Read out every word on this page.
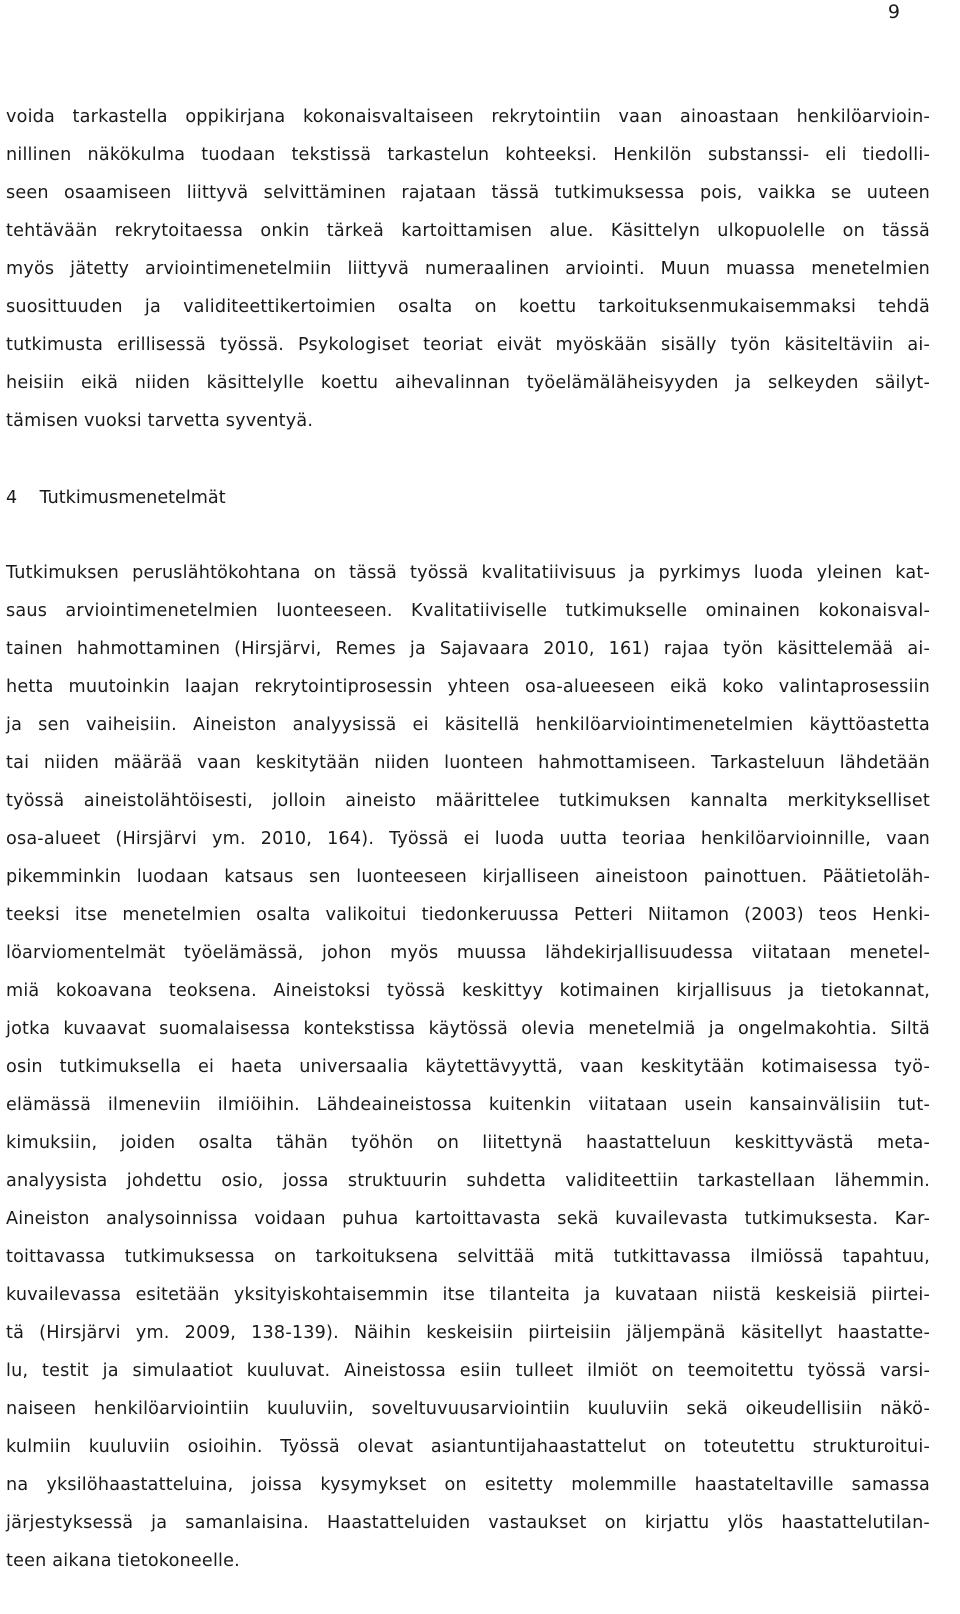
9
voida tarkastella oppikirjana kokonaisvaltaiseen rekrytointiin vaan ainoastaan henkilöarvioin-
nillinen näkökulma tuodaan tekstissä tarkastelun kohteeksi. Henkilön substanssi- eli tiedolli-
seen osaamiseen liittyvä selvittäminen rajataan tässä tutkimuksessa pois, vaikka se uuteen
tehtävään rekrytoitaessa onkin tärkeä kartoittamisen alue. Käsittelyn ulkopuolelle on tässä
myös jätetty arviointimenetelmiin liittyvä numeraalinen arviointi. Muun muassa menetelmien
suosittuuden ja validiteettikertoimien osalta on koettu tarkoituksenmukaisemmaksi tehdä
tutkimusta erillisessä työssä. Psykologiset teoriat eivät myöskään sisälly työn käsiteltäviin ai-
heisiin eikä niiden käsittelylle koettu aihevalinnan työelämäläheisyyden ja selkeyden säilyt-
tämisen vuoksi tarvetta syventyä.
4    Tutkimusmenetelmät
Tutkimuksen peruslähtökohtana on tässä työssä kvalitatiivisuus ja pyrkimys luoda yleinen kat-
saus arviointimenetelmien luonteeseen. Kvalitatiiviselle tutkimukselle ominainen kokonaisval-
tainen hahmottaminen (Hirsjärvi, Remes ja Sajavaara 2010, 161) rajaa työn käsittelemää ai-
hetta muutoinkin laajan rekrytointiprosessin yhteen osa-alueeseen eikä koko valintaprosessiin
ja sen vaiheisiin. Aineiston analyysissä ei käsitellä henkilöarviointimenetelmien käyttöastetta
tai niiden määrää vaan keskitytään niiden luonteen hahmottamiseen. Tarkasteluun lähdetään
työssä aineistolähtöisesti, jolloin aineisto määrittelee tutkimuksen kannalta merkitykselliset
osa-alueet (Hirsjärvi ym. 2010, 164). Työssä ei luoda uutta teoriaa henkilöarvioinnille, vaan
pikemminkin luodaan katsaus sen luonteeseen kirjalliseen aineistoon painottuen. Päätietoläh-
teeksi itse menetelmien osalta valikoitui tiedonkeruussa Petteri Niitamon (2003) teos Henki-
löarviomentelmät työelämässä, johon myös muussa lähdekirjallisuudessa viitataan menetel-
miä kokoavana teoksena. Aineistoksi työssä keskittyy kotimainen kirjallisuus ja tietokannat,
jotka kuvaavat suomalaisessa kontekstissa käytössä olevia menetelmiä ja ongelmakohtia. Siltä
osin tutkimuksella ei haeta universaalia käytettävyyttä, vaan keskitytään kotimaisessa työ-
elämässä ilmeneviin ilmiöihin. Lähdeaineistossa kuitenkin viitataan usein kansainvälisiin tut-
kimuksiin, joiden osalta tähän työhön on liitettynä haastatteluun keskittyvästä meta-
analyysista johdettu osio, jossa struktuurin suhdetta validiteettiin tarkastellaan lähemmin.
Aineiston analysoinnissa voidaan puhua kartoittavasta sekä kuvailevasta tutkimuksesta. Kar-
toittavassa tutkimuksessa on tarkoituksena selvittää mitä tutkittavassa ilmiössä tapahtuu,
kuvailevassa esitetään yksityiskohtaisemmin itse tilanteita ja kuvataan niistä keskeisiä piirtei-
tä (Hirsjärvi ym. 2009, 138-139). Näihin keskeisiin piirteisiin jäljempänä käsitellyt haastatte-
lu, testit ja simulaatiot kuuluvat. Aineistossa esiin tulleet ilmiöt on teemoitettu työssä varsi-
naiseen henkilöarviointiin kuuluviin, soveltuvuusarviointiin kuuluviin sekä oikeudellisiin näkö-
kulmiin kuuluviin osioihin. Työssä olevat asiantuntijahaastattelut on toteutettu strukturoitui-
na yksilöhaastatteluina, joissa kysymykset on esitetty molemmille haastateltaville samassa
järjestyksessä ja samanlaisina. Haastatteluiden vastaukset on kirjattu ylös haastattelutilan-
teen aikana tietokoneelle.
